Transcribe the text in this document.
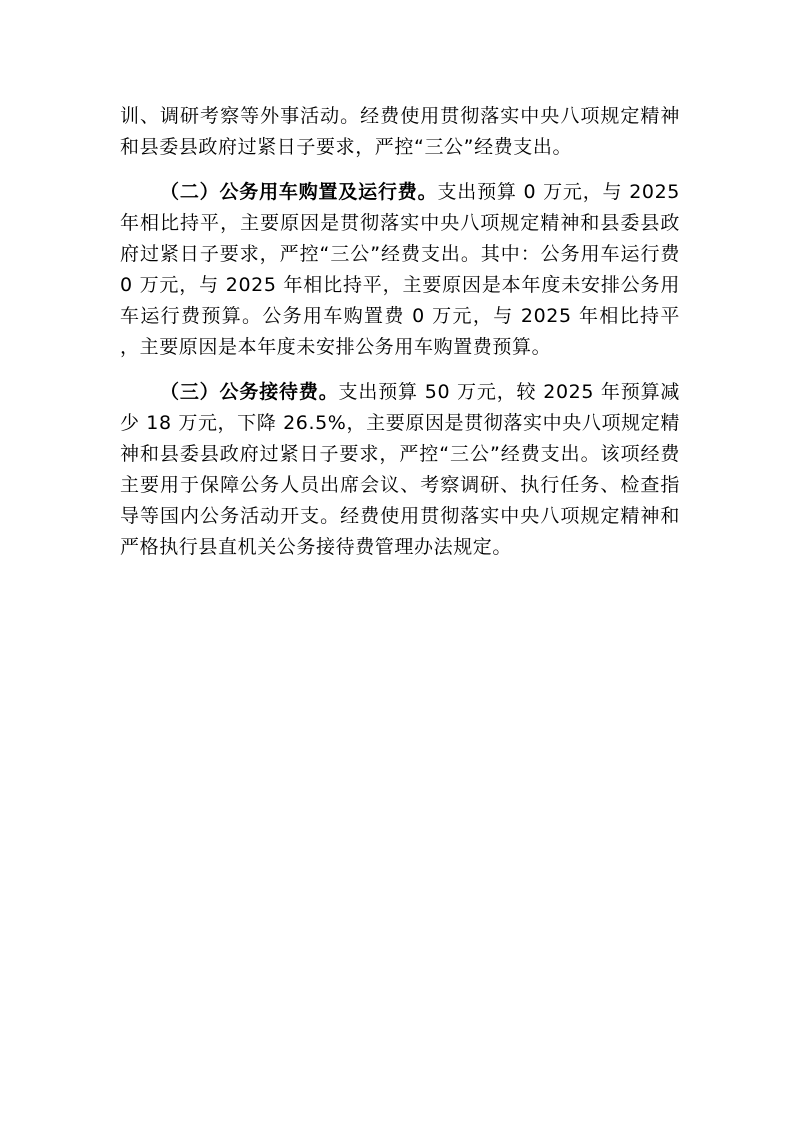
训、调研考察等外事活动。经费使用贯彻落实中央八项规定精神和县委县政府过紧日子要求，严控“三公”经费支出。

（二）公务用车购置及运行费。支出预算 0 万元，与 2025 年相比持平，主要原因是贯彻落实中央八项规定精神和县委县政府过紧日子要求，严控“三公”经费支出。其中：公务用车运行费 0 万元，与 2025 年相比持平，主要原因是本年度未安排公务用车运行费预算。公务用车购置费 0 万元，与 2025 年相比持平，主要原因是本年度未安排公务用车购置费预算。

（三）公务接待费。支出预算 50 万元，较 2025 年预算减少 18 万元，下降 26.5%，主要原因是贯彻落实中央八项规定精神和县委县政府过紧日子要求，严控“三公”经费支出。该项经费主要用于保障公务人员出席会议、考察调研、执行任务、检查指导等国内公务活动开支。经费使用贯彻落实中央八项规定精神和严格执行县直机关公务接待费管理办法规定。
